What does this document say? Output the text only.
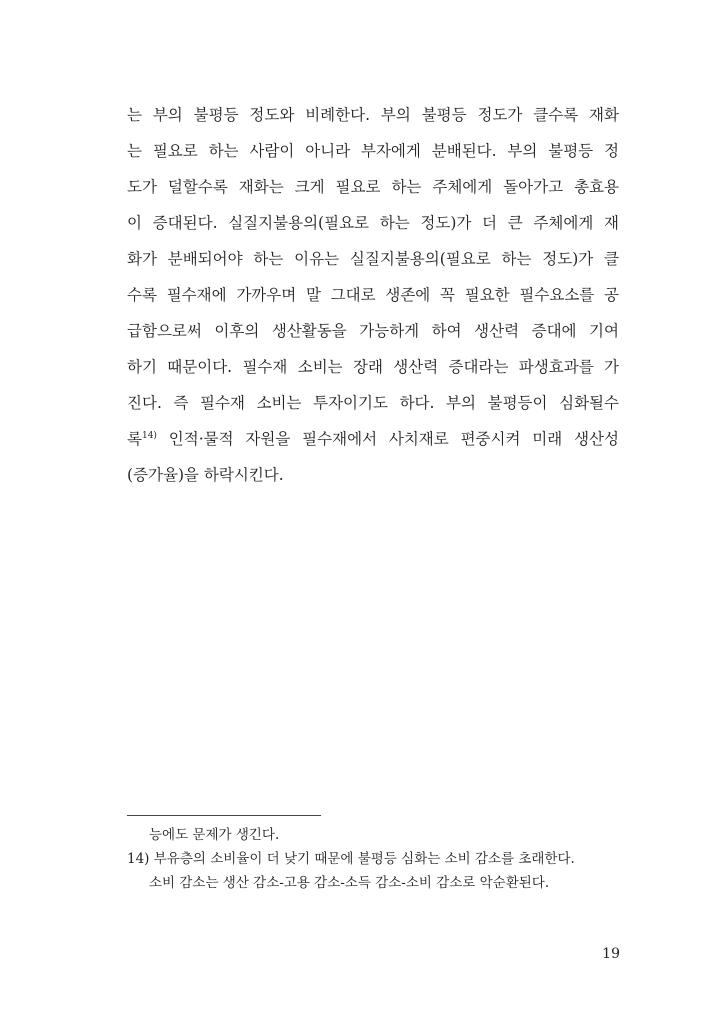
는 부의 불평등 정도와 비례한다. 부의 불평등 정도가 클수록 재화
는 필요로 하는 사람이 아니라 부자에게 분배된다. 부의 불평등 정
도가 덜할수록 재화는 크게 필요로 하는 주체에게 돌아가고 총효용
이 증대된다. 실질지불용의(필요로 하는 정도)가 더 큰 주체에게 재
화가 분배되어야 하는 이유는 실질지불용의(필요로 하는 정도)가 클
수록 필수재에 가까우며 말 그대로 생존에 꼭 필요한 필수요소를 공
급함으로써 이후의 생산활동을 가능하게 하여 생산력 증대에 기여
하기 때문이다. 필수재 소비는 장래 생산력 증대라는 파생효과를 가
진다. 즉 필수재 소비는 투자이기도 하다. 부의 불평등이 심화될수
록$^{14)}$ 인적·물적 자원을 필수재에서 사치재로 편중시켜 미래 생산성
(증가율)을 하락시킨다.
능에도 문제가 생긴다.
14) 부유층의 소비율이 더 낮기 때문에 불평등 심화는 소비 감소를 초래한다.
소비 감소는 생산 감소-고용 감소-소득 감소-소비 감소로 악순환된다.
19
